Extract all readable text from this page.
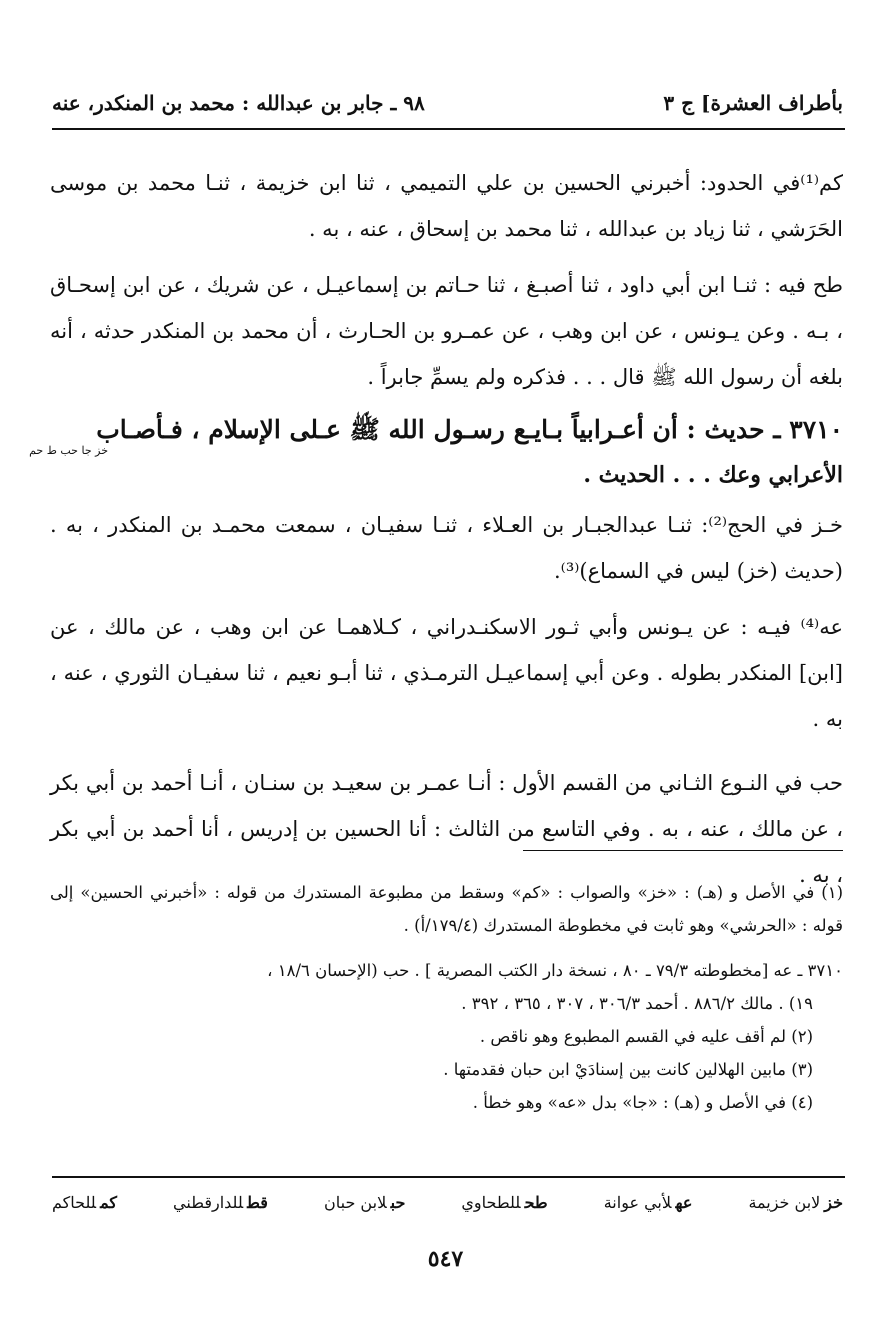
بأطراف العشرة] ج ٣
٩٨ ـ جابر بن عبدالله : محمد بن المنكدر، عنه

كم⁽¹⁾في الحدود: أخبرني الحسين بن علي التميمي ، ثنا ابن خزيمة ، ثنـا محمد بن موسى الحَرَشي ، ثنا زياد بن عبدالله ، ثنا محمد بن إسحاق ، عنه ، به .

طح فيه : ثنـا ابن أبي داود ، ثنا أصبـغ ، ثنا حـاتم بن إسماعيـل ، عن شريك ، عن ابن إسحـاق ، بـه . وعن يـونس ، عن ابن وهب ، عن عمـرو بن الحـارث ، أن محمد بن المنكدر حدثه ، أنه بلغه أن رسول الله ﷺ قال . . . فذكره ولم يسمِّ جابراً .

٣٧١٠ ـ حديث : أن أعـرابياً بـايـع رسـول الله ﷺ عـلى الإسلام ، فـأصـاب
خز جا حب ط حم
الأعرابي وعك . . . الحديث .

خـز في الحج⁽²⁾: ثنـا عبدالجبـار بن العـلاء ، ثنـا سفيـان ، سمعت محمـد بن المنكدر ، به . (حديث (خز) ليس في السماع)⁽³⁾.

عه⁽⁴⁾ فيـه : عن يـونس وأبي ثـور الاسكنـدراني ، كـلاهمـا عن ابن وهب ، عن مالك ، عن [ابن] المنكدر بطوله . وعن أبي إسماعيـل الترمـذي ، ثنا أبـو نعيم ، ثنا سفيـان الثوري ، عنه ، به .

حب في النـوع الثـاني من القسم الأول : أنـا عمـر بن سعيـد بن سنـان ، أنـا أحمد بن أبي بكر ، عن مالك ، عنه ، به . وفي التاسع من الثالث : أنا الحسين بن إدريس ، أنا أحمد بن أبي بكر ، به .

(١) في الأصل و (هـ) : «خز» والصواب : «كم» وسقط من مطبوعة المستدرك من قوله : «أخبرني الحسين» إلى قوله : «الحرشي» وهو ثابت في مخطوطة المستدرك (١٧٩/٤/أ) .

٣٧١٠ ـ عه [مخطوطته ٧٩/٣ ـ ٨٠ ، نسخة دار الكتب المصرية ] . حب (الإحسان ١٨/٦ ،

١٩) . مالك ٨٨٦/٢ . أحمد ٣٠٦/٣ ، ٣٠٧ ، ٣٦٥ ، ٣٩٢ .

(٢) لم أقف عليه في القسم المطبوع وهو ناقص .

(٣) مابين الهلالين كانت بين إسنادَيْ ابن حبان فقدمتها .

(٤) في الأصل و (هـ) : «جا» بدل «عه» وهو خطأ .

خزلابن خزيمة
عهلأبي عوانة
طحللطحاوي
حبلابن حبان
قطللدارقطني
كمللحاكم
٥٤٧
